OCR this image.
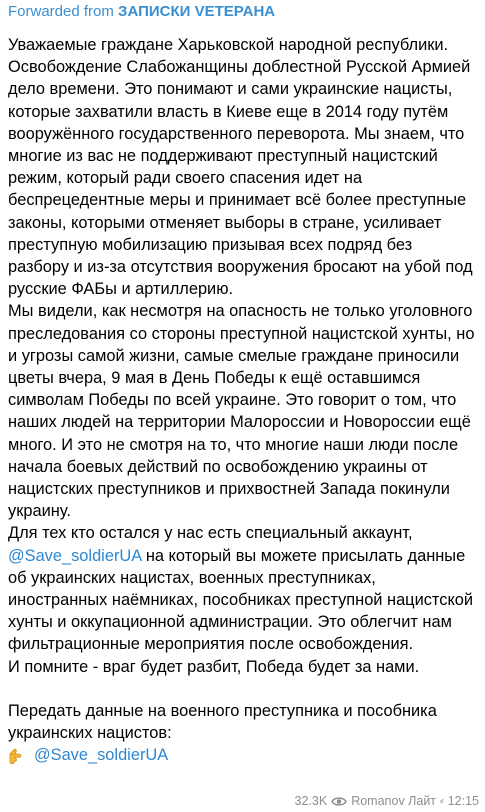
Forwarded from ЗАПИСКИ VETEPAHA

Уважаемые граждане Харьковской народной республики. Освобождение Слабожанщины доблестной Русской Армией дело времени. Это понимают и сами украинские нацисты, которые захватили власть в Киеве еще в 2014 году путём вооружённого государственного переворота. Мы знаем, что многие из вас не поддерживают преступный нацистский режим, который ради своего спасения идет на беспрецедентные меры и принимает всё более преступные законы, которыми отменяет выборы в стране, усиливает преступную мобилизацию призывая всех подряд без разбору и из-за отсутствия вооружения бросают на убой под русские ФАБы и артиллерию.

Мы видели, как несмотря на опасность не только уголовного преследования со стороны преступной нацистской хунты, но и угрозы самой жизни, самые смелые граждане приносили цветы вчера, 9 мая в День Победы к ещё оставшимся символам Победы по всей украине. Это говорит о том, что наших людей на территории Малороссии и Новороссии ещё много. И это не смотря на то, что многие наши люди после начала боевых действий по освобождению украины от нацистских преступников и прихвостней Запада покинули украину.

Для тех кто остался у нас есть специальный аккаунт,
@Save_soldierUA на который вы можете присылать данные об украинских нацистах, военных преступниках, иностранных наёмниках, пособниках преступной нацистской хунты и оккупационной администрации. Это облегчит нам фильтрационные мероприятия после освобождения.

И помните - враг будет разбит, Победа будет за нами.

Передать данные на военного преступника и пособника украинских нацистов:

@Save_soldierUA
32.3K Romanov Лайт ⸗ 12:15
